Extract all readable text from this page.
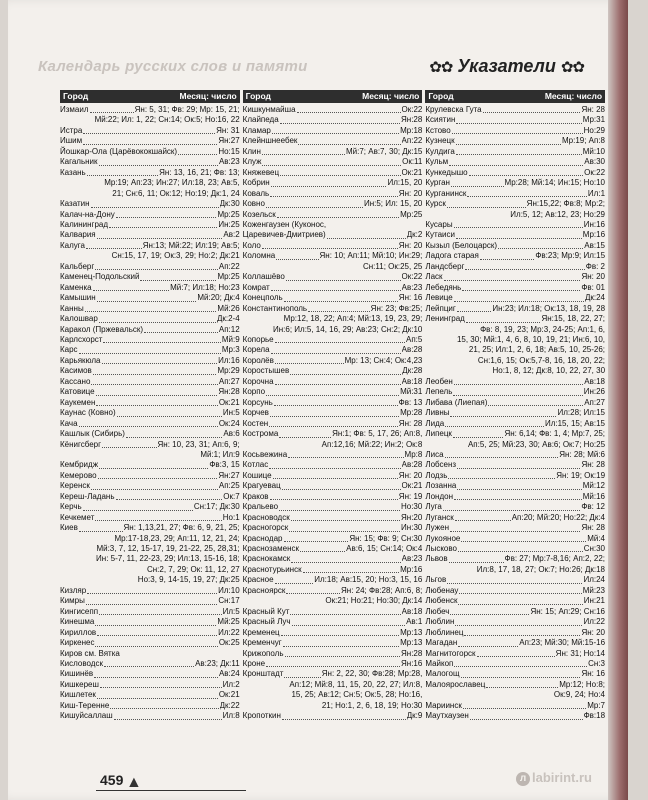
Календарь русских слов и памяти	✿✿ Указатели ✿✿
Город	Месяц: число
Измаил	Ян: 5, 31; Фв: 29; Мр: 15, 21;
Мй:22; Ил: 1, 22; Сн:14; Ок:5; Но:16, 22
Истра	Ян: 31
Ишим	Ян:27
Йошкар-Ола (Царёвококшайск)	Но:15
Кагальник	Ав:23
Казань	Ян: 13, 16, 21; Фв: 13;
Мр:19; Ап:23; Ин:27; Ил:18, 23; Ав:5,
21; Сн:6, 11; Ок:12; Но:19; Дк:1, 24
Казатин	Дк:30
Калач-на-Дону	Мр:25
Калининград	Ин:25
Калвария	Ав:2
Калуга	Ян:13; Мй:22; Ил:19; Ав:5;
Сн:15, 17, 19; Ок:3, 29; Но:2; Дк:21
Кальберг	Ап:22
Каменец-Подольский	Мр:25
Каменка	Мй:7; Ил:18; Но:23
Камышин	Мй:20; Дк:4
Канны	Мй:26
Калошвар	Дк:2-4
Каракол (Пржевальск)	Ап:12
Карлсхорст	Мй:9
Карс	Мр:3
Карьякюла	Ил:16
Касимов	Мр:29
Кассано	Ап:27
Катовице	Ян:28
Каукемен	Ок:21
Каунас (Ковно)	Ин:5
Кача	Ок:24
Кашлык (Сибирь)	Ав:6
Кёнигсберг	Ян: 10, 23, 31; Ап:6, 9;
Мй:1; Ил:9
Кембридж	Фв:3, 15
Кемерово	Ян:27
Керенск	Ап:25
Кереш-Ладань	Ок:7
Керчь	Сн:17; Дк:30
Кечкемет	Но:1
Киев	Ян: 1,13,21, 27; Фв: 6, 9, 21, 25;
Мр:17-18,23, 29; Ап:11, 12, 21, 24;
Мй:3, 7, 12, 15-17, 19, 21-22, 25, 28,31;
Ин: 5-7, 11, 22-23, 29; Ил:13, 15-16, 18;
Сн:2, 7, 29; Ок: 11, 12, 27
Но:3, 9, 14-15, 19, 27; Дк:25
Кизляр	Ил:10
Кимры	Сн:17
Кингисепп	Ил:5
Кинешма	Мй:25
Кириллов	Ил:22
Киркенес	Ок:25
Киров см. Вятка
Кисловодск	Ав:23; Дк:11
Кишинёв	Ав:24
Кишкереш	Ил:2
Кишлетек	Ок:21
Киш-Теренне	Дк:22
Кишуйсаллаш	Ил:8
Город	Месяц: число
Кишкунмайша	Ок:22
Клайпеда	Ян:28
Кламар	Мр:18
Клейншнеебек	Ап:22
Клин	Мй:7; Ав:7, 30; Дк:15
Клуж	Ок:11
Княжевец	Ок:21
Кобрин	Ил:15, 20
Коваль	Ян: 20
Ковно	Ин:5; Ил: 15, 20
Козельск	Мр:25
Коженгаузен (Куконос,
Царевичев-Дмитриев)	Дк:2
Коло	Ян: 20
Коломна	Ян: 10; Ап:11; Мй:10; Ин:29;
Сн:11; Ок:25, 25
Коллашёво	Ок:22
Комрат	Ав:23
Конецполь	Ян: 16
Константинополь	Ян: 23; Фв:25;
Мр:12, 18, 22; Ап:4; Мй:13, 19, 23, 29;
Ин:6; Ил:5, 14, 16, 29; Ав:23; Сн:2; Дк:10
Копорье	Ап:5
Корела	Ав:28
Королёв	Мр: 13; Сн:4; Ок:4,23
Коростышев	Дк:28
Корочна	Ав:18
Корпо	Мй:31
Корсунь	Фв: 13
Корчев	Мр:28
Костен	Ян: 28
Кострома	Ян:1; Фв: 5, 17, 26; Ап:8,
Ап:12,16; Мй:22; Ин:2; Ок:8
Косьвежина	Мр:8
Котлас	Ав:28
Кошице	Ян: 20
Крагуевац	Ок:21
Краков	Ян: 19
Кральево	Но:30
Красноводск	Ян:20
Красногорск	Ин:30
Краснодар	Ян: 15; Фв: 9; Сн:30
Краснозаменск	Ав:6, 15; Сн:14; Ок:4
Краснокамск	Ав:23
Краснотурьинск	Мр:16
Красное	Ил:18; Ав:15, 20; Но:3, 15, 16
Красноярск	Ян: 24; Фв:28; Ап:6, 8;
Ок:21; Но:21; Но:30; Дк:14
Красный Кут	Ав:18
Красный Луч	Ав:1
Кременец	Мр:13
Кременчуг	Мр:13
Крижополь	Ян:28
Кроне	Ян:16
Кронштадт	Ян: 2, 22, 30; Фв:28; Мр:28,
Ап:12; Мй:8, 11, 15, 20, 22, 27; Ил:8,
15, 25; Ав:12; Сн:5; Ок:5, 28; Но:16,
21; Но:1, 2, 6, 18, 19; Но:30
Кропоткин	Дк:9
Город	Месяц: число
Крулевска Гута	Ян: 28
Ксиятин	Мр:31
Кстово	Но:29
Кузнецк	Мр:19; Ап:8
Кулдига	Мй:10
Кульм	Ав:30
Кункедышо	Ок:22
Курган	Мр:28; Мй:14; Ин:15; Но:10
Курганинск	Ил:1
Курск	Ян:15,22; Фв:8; Мр:2;
Ил:5, 12; Ав:12, 23; Но:29
Кусары	Ин:16
Кутаиси	Мр:16
Кызыл (Белоцарск)	Ав:15
Ладога старая	Фв:23; Мр:9; Ил:15
Ландсберг	Фв: 2
Ласк	Ян: 20
Лебедянь	Фв: 01
Левице	Дк:24
Лейпциг	Ин:23; Ил:18; Ок:13, 18, 19, 28
Ленинград	Ян:15, 18, 22, 27;
Фв: 8, 19, 23; Мр:3, 24-25; Ап:1, 6,
15, 30; Мй:1, 4, 6, 8, 10, 19, 21; Ин:6, 10,
21, 25; Ил:1, 2, 6, 18; Ав:5, 10, 25-26;
Сн:1,6, 15; Ок:5,7-8, 16, 18, 20, 22;
Но:1, 8, 12; Дк:8, 10, 22, 27, 30
Леобен	Ав:18
Лепель	Ин:26
Либава (Лиепая)	Ап:27
Ливны	Ил:28; Ил:15
Лида	Ил:15, 15; Ав:15
Липецк	Ян: 6,14; Фв: 1, 4; Мр:7, 25;
Ап:5, 25; Мй:23, 30; Ав:6; Ок:7; Но:25
Лиса	Ян: 28; Мй:6
Лобсенз	Ян: 28
Лодзь	Ян: 19; Ок:19
Лозанна	Мй:12
Лондон	Мй:16
Луга	Фв: 12
Луганск	Ап:20; Мй:20; Но:22; Дк:4
Лужен	Ян: 28
Лукояное	Мй:4
Лысково	Сн:30
Львов	Фв: 27; Мр:7-8,16; Ап:2, 22;
Ил:8, 17, 18, 27; Ок:7; Но:26; Дк:18
Льгов	Ил:24
Любенау	Мй:23
Любенск	Ин:21
Любеч	Ян: 15; Ап:29; Сн:16
Люблин	Ил:22
Люблинец	Ян: 20
Магадан	Ап:23; Мй:30; Мй:15-16
Магнитогорск	Ян: 31; Но:14
Майкоп	Сн:3
Малогощ	Ян: 16
Малоярославец	Мр:12; Но:8;
Ок:9, 24; Но:4
Мариинск	Мр:7
Маутхаузен	Фв:18
459 ▲	л labirint.ru
